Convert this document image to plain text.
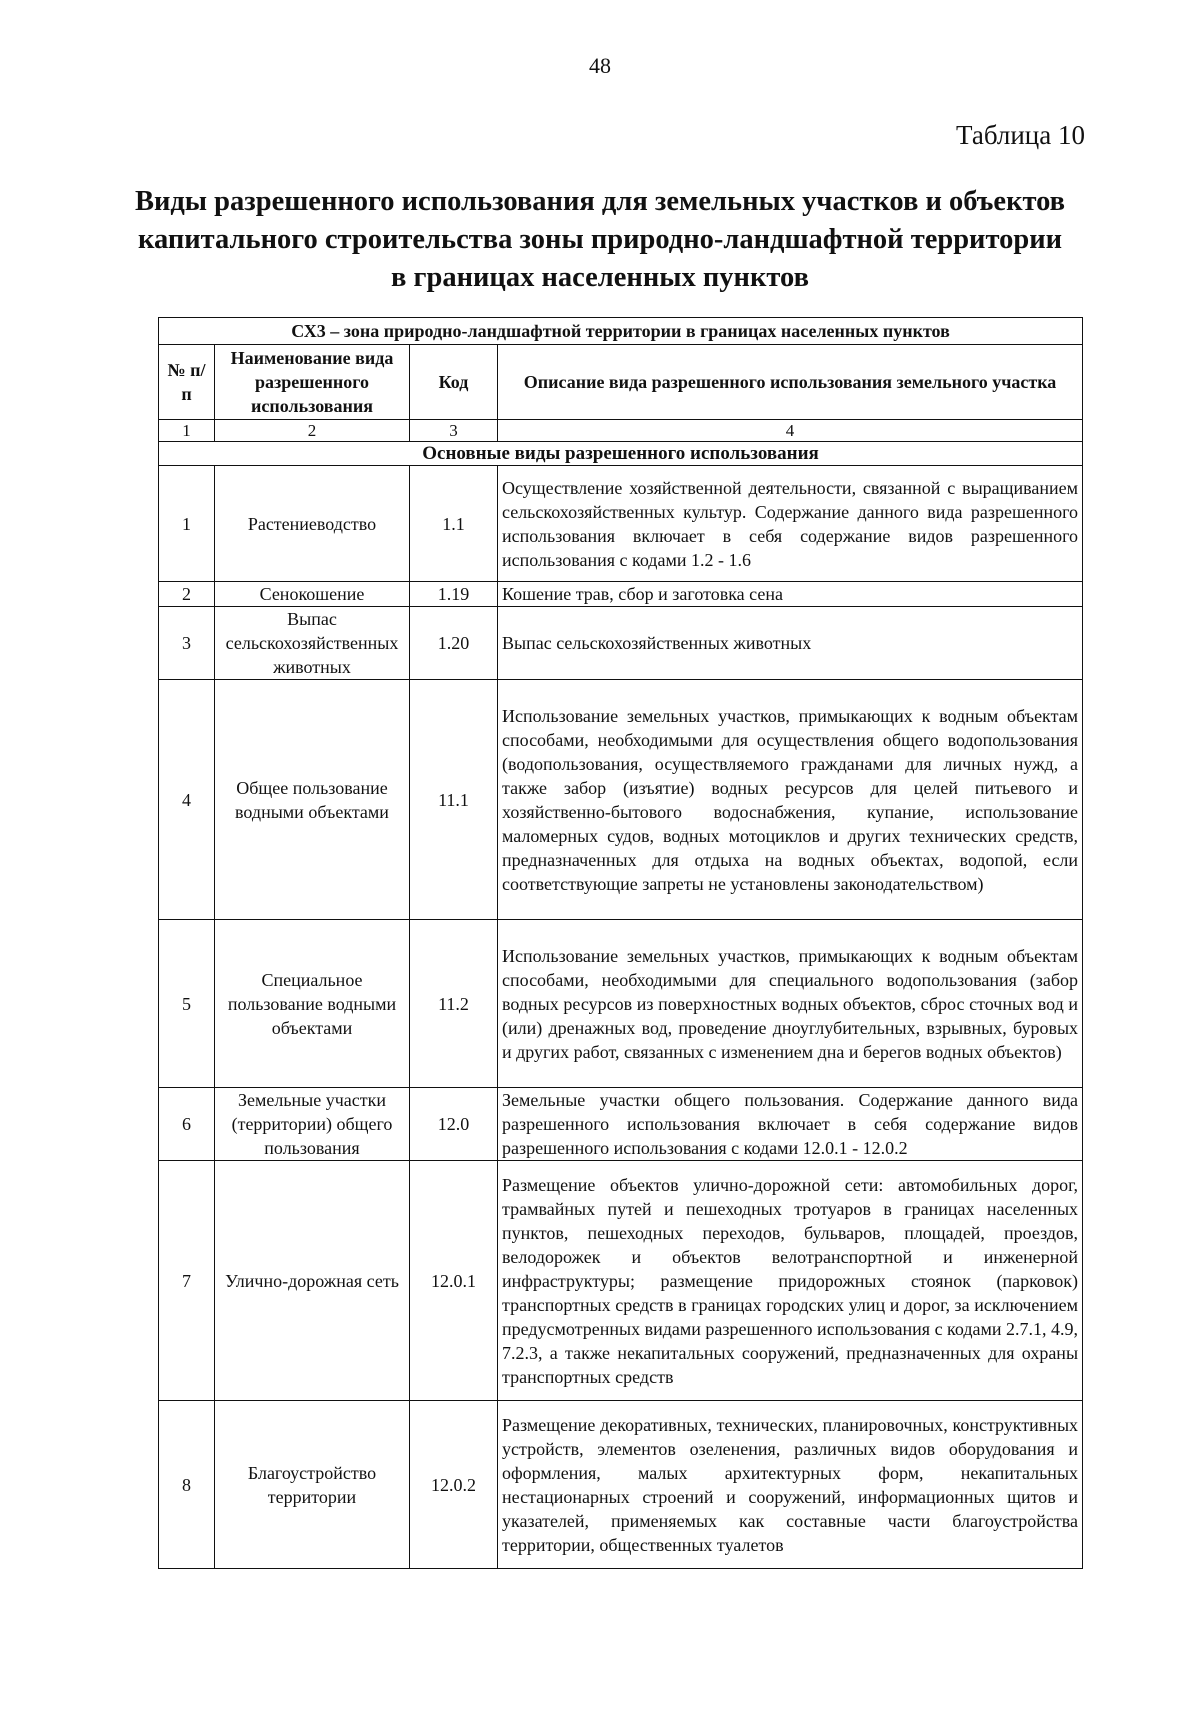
48
Таблица 10
Виды разрешенного использования для земельных участков и объектов капитального строительства зоны природно-ландшафтной территории в границах населенных пунктов
СХ3 – зона природно-ландшафтной территории в границах населенных пунктов			
№ п/п	Наименование вида разрешенного использования	Код	Описание вида разрешенного использования земельного участка
1	2	3	4
Основные виды разрешенного использования			
1	Растениеводство	1.1	Осуществление хозяйственной деятельности, связанной с выращиванием сельскохозяйственных культур. Содержание данного вида разрешенного использования включает в себя содержание видов разрешенного использования с кодами 1.2 - 1.6
2	Сенокошение	1.19	Кошение трав, сбор и заготовка сена
3	Выпас сельскохозяйственных животных	1.20	Выпас сельскохозяйственных животных
4	Общее пользование водными объектами	11.1	Использование земельных участков, примыкающих к водным объектам способами, необходимыми для осуществления общего водопользования (водопользования, осуществляемого гражданами для личных нужд, а также забор (изъятие) водных ресурсов для целей питьевого и хозяйственно-бытового водоснабжения, купание, использование маломерных судов, водных мотоциклов и других технических средств, предназначенных для отдыха на водных объектах, водопой, если соответствующие запреты не установлены законодательством)
5	Специальное пользование водными объектами	11.2	Использование земельных участков, примыкающих к водным объектам способами, необходимыми для специального водопользования (забор водных ресурсов из поверхностных водных объектов, сброс сточных вод и (или) дренажных вод, проведение дноуглубительных, взрывных, буровых и других работ, связанных с изменением дна и берегов водных объектов)
6	Земельные участки (территории) общего пользования	12.0	Земельные участки общего пользования. Содержание данного вида разрешенного использования включает в себя содержание видов разрешенного использования с кодами 12.0.1 - 12.0.2
7	Улично-дорожная сеть	12.0.1	Размещение объектов улично-дорожной сети: автомобильных дорог, трамвайных путей и пешеходных тротуаров в границах населенных пунктов, пешеходных переходов, бульваров, площадей, проездов, велодорожек и объектов велотранспортной и инженерной инфраструктуры; размещение придорожных стоянок (парковок) транспортных средств в границах городских улиц и дорог, за исключением предусмотренных видами разрешенного использования с кодами 2.7.1, 4.9, 7.2.3, а также некапитальных сооружений, предназначенных для охраны транспортных средств
8	Благоустройство территории	12.0.2	Размещение декоративных, технических, планировочных, конструктивных устройств, элементов озеленения, различных видов оборудования и оформления, малых архитектурных форм, некапитальных нестационарных строений и сооружений, информационных щитов и указателей, применяемых как составные части благоустройства территории, общественных туалетов
